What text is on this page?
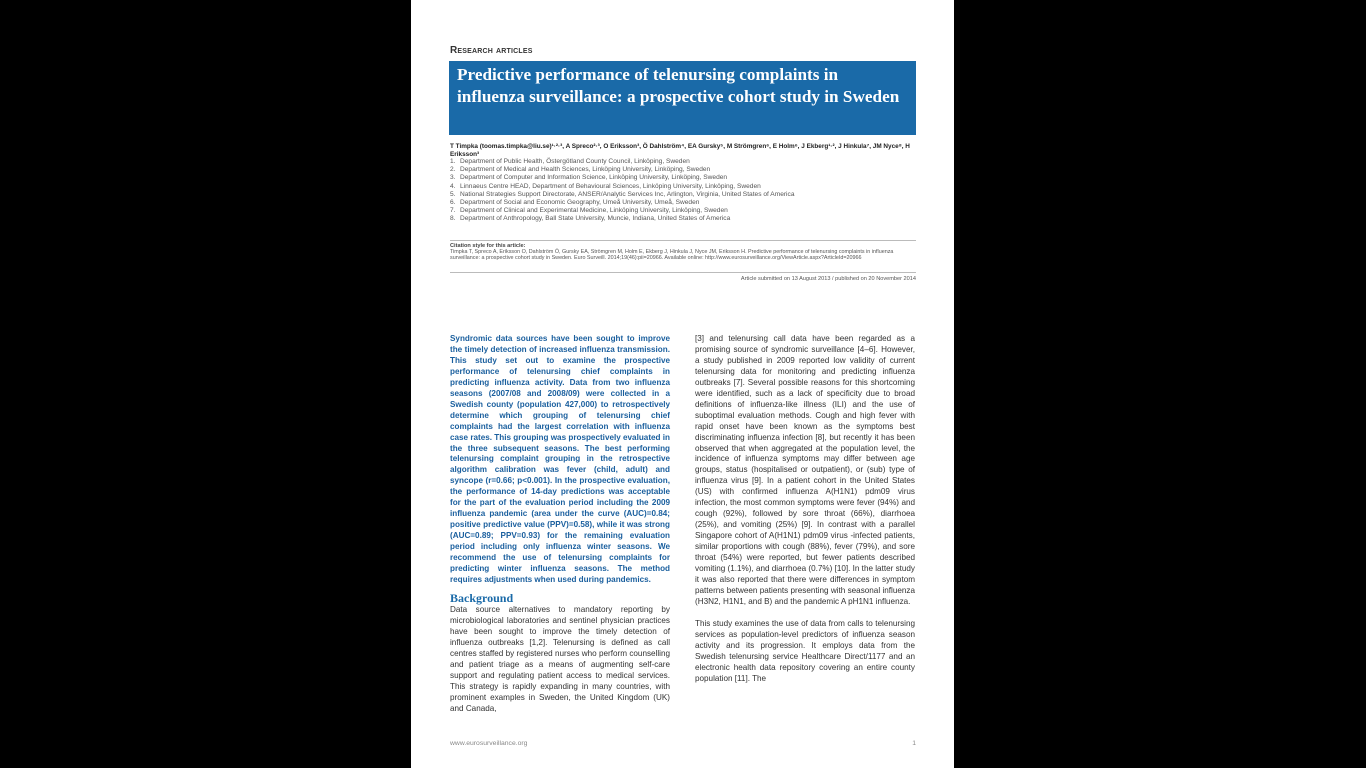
Research articles
Predictive performance of telenursing complaints in influenza surveillance: a prospective cohort study in Sweden
T Timpka (toomas.timpka@liu.se)¹·²·³, A Spreco²·³, O Eriksson³, Ö Dahlström⁴, EA Gursky⁵, M Strömgren⁶, E Holm⁶, J Ekberg¹·², J Hinkula⁷, JM Nyce⁸, H Eriksson³
1. Department of Public Health, Östergötland County Council, Linköping, Sweden
2. Department of Medical and Health Sciences, Linköping University, Linköping, Sweden
3. Department of Computer and Information Science, Linköping University, Linköping, Sweden
4. Linnaeus Centre HEAD, Department of Behavioural Sciences, Linköping University, Linköping, Sweden
5. National Strategies Support Directorate, ANSER/Analytic Services Inc, Arlington, Virginia, United States of America
6. Department of Social and Economic Geography, Umeå University, Umeå, Sweden
7. Department of Clinical and Experimental Medicine, Linköping University, Linköping, Sweden
8. Department of Anthropology, Ball State University, Muncie, Indiana, United States of America
Citation style for this article:
Timpka T, Spreco A, Eriksson O, Dahlström Ö, Gursky EA, Strömgren M, Holm E, Ekberg J, Hinkula J, Nyce JM, Eriksson H. Predictive performance of telenursing complaints in influenza surveillance: a prospective cohort study in Sweden. Euro Surveill. 2014;19(46):pii=20966. Available online: http://www.eurosurveillance.org/ViewArticle.aspx?ArticleId=20966
Article submitted on 13 August 2013 / published on 20 November 2014
Syndromic data sources have been sought to improve the timely detection of increased influenza transmission. This study set out to examine the prospective performance of telenursing chief complaints in predicting influenza activity. Data from two influenza seasons (2007/08 and 2008/09) were collected in a Swedish county (population 427,000) to retrospectively determine which grouping of telenursing chief complaints had the largest correlation with influenza case rates. This grouping was prospectively evaluated in the three subsequent seasons. The best performing telenursing complaint grouping in the retrospective algorithm calibration was fever (child, adult) and syncope (r=0.66; p<0.001). In the prospective evaluation, the performance of 14-day predictions was acceptable for the part of the evaluation period including the 2009 influenza pandemic (area under the curve (AUC)=0.84; positive predictive value (PPV)=0.58), while it was strong (AUC=0.89; PPV=0.93) for the remaining evaluation period including only influenza winter seasons. We recommend the use of telenursing complaints for predicting winter influenza seasons. The method requires adjustments when used during pandemics.
Background
Data source alternatives to mandatory reporting by microbiological laboratories and sentinel physician practices have been sought to improve the timely detection of influenza outbreaks [1,2]. Telenursing is defined as call centres staffed by registered nurses who perform counselling and patient triage as a means of augmenting self-care support and regulating patient access to medical services. This strategy is rapidly expanding in many countries, with prominent examples in Sweden, the United Kingdom (UK) and Canada,
[3] and telenursing call data have been regarded as a promising source of syndromic surveillance [4–6]. However, a study published in 2009 reported low validity of current telenursing data for monitoring and predicting influenza outbreaks [7]. Several possible reasons for this shortcoming were identified, such as a lack of specificity due to broad definitions of influenza-like illness (ILI) and the use of suboptimal evaluation methods. Cough and high fever with rapid onset have been known as the symptoms best discriminating influenza infection [8], but recently it has been observed that when aggregated at the population level, the incidence of influenza symptoms may differ between age groups, status (hospitalised or outpatient), or (sub) type of influenza virus [9]. In a patient cohort in the United States (US) with confirmed influenza A(H1N1) pdm09 virus infection, the most common symptoms were fever (94%) and cough (92%), followed by sore throat (66%), diarrhoea (25%), and vomiting (25%) [9]. In contrast with a parallel Singapore cohort of A(H1N1) pdm09 virus -infected patients, similar proportions with cough (88%), fever (79%), and sore throat (54%) were reported, but fewer patients described vomiting (1.1%), and diarrhoea (0.7%) [10]. In the latter study it was also reported that there were differences in symptom patterns between patients presenting with seasonal influenza (H3N2, H1N1, and B) and the pandemic A pH1N1 influenza.
This study examines the use of data from calls to telenursing services as population-level predictors of influenza season activity and its progression. It employs data from the Swedish telenursing service Healthcare Direct/1177 and an electronic health data repository covering an entire county population [11]. The
www.eurosurveillance.org	1
